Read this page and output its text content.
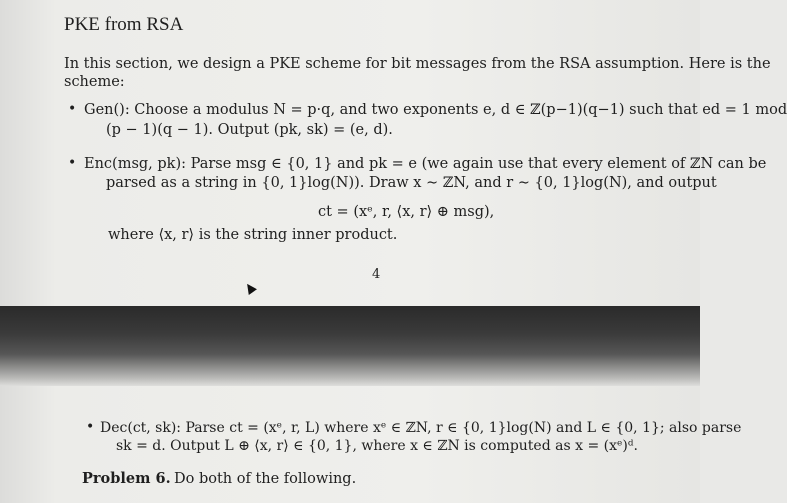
PKE from RSA
In this section, we design a PKE scheme for bit messages from the RSA assumption. Here is the
scheme:
• Gen(): Choose a modulus N = p·q, and two exponents e, d ∈ ℤ(p−1)(q−1) such that ed = 1 mod
(p − 1)(q − 1). Output (pk, sk) = (e, d).
• Enc(msg, pk): Parse msg ∈ {0, 1} and pk = e (we again use that every element of ℤN can be
parsed as a string in {0, 1}log(N)). Draw x ∼ ℤN, and r ∼ {0, 1}log(N), and output
ct = (xᵉ, r, ⟨x, r⟩ ⊕ msg),
where ⟨x, r⟩ is the string inner product.
4
• Dec(ct, sk): Parse ct = (xᵉ, r, L) where xᵉ ∈ ℤN, r ∈ {0, 1}log(N) and L ∈ {0, 1}; also parse
sk = d. Output L ⊕ ⟨x, r⟩ ∈ {0, 1}, where x ∈ ℤN is computed as x = (xᵉ)ᵈ.
Problem 6. Do both of the following.
